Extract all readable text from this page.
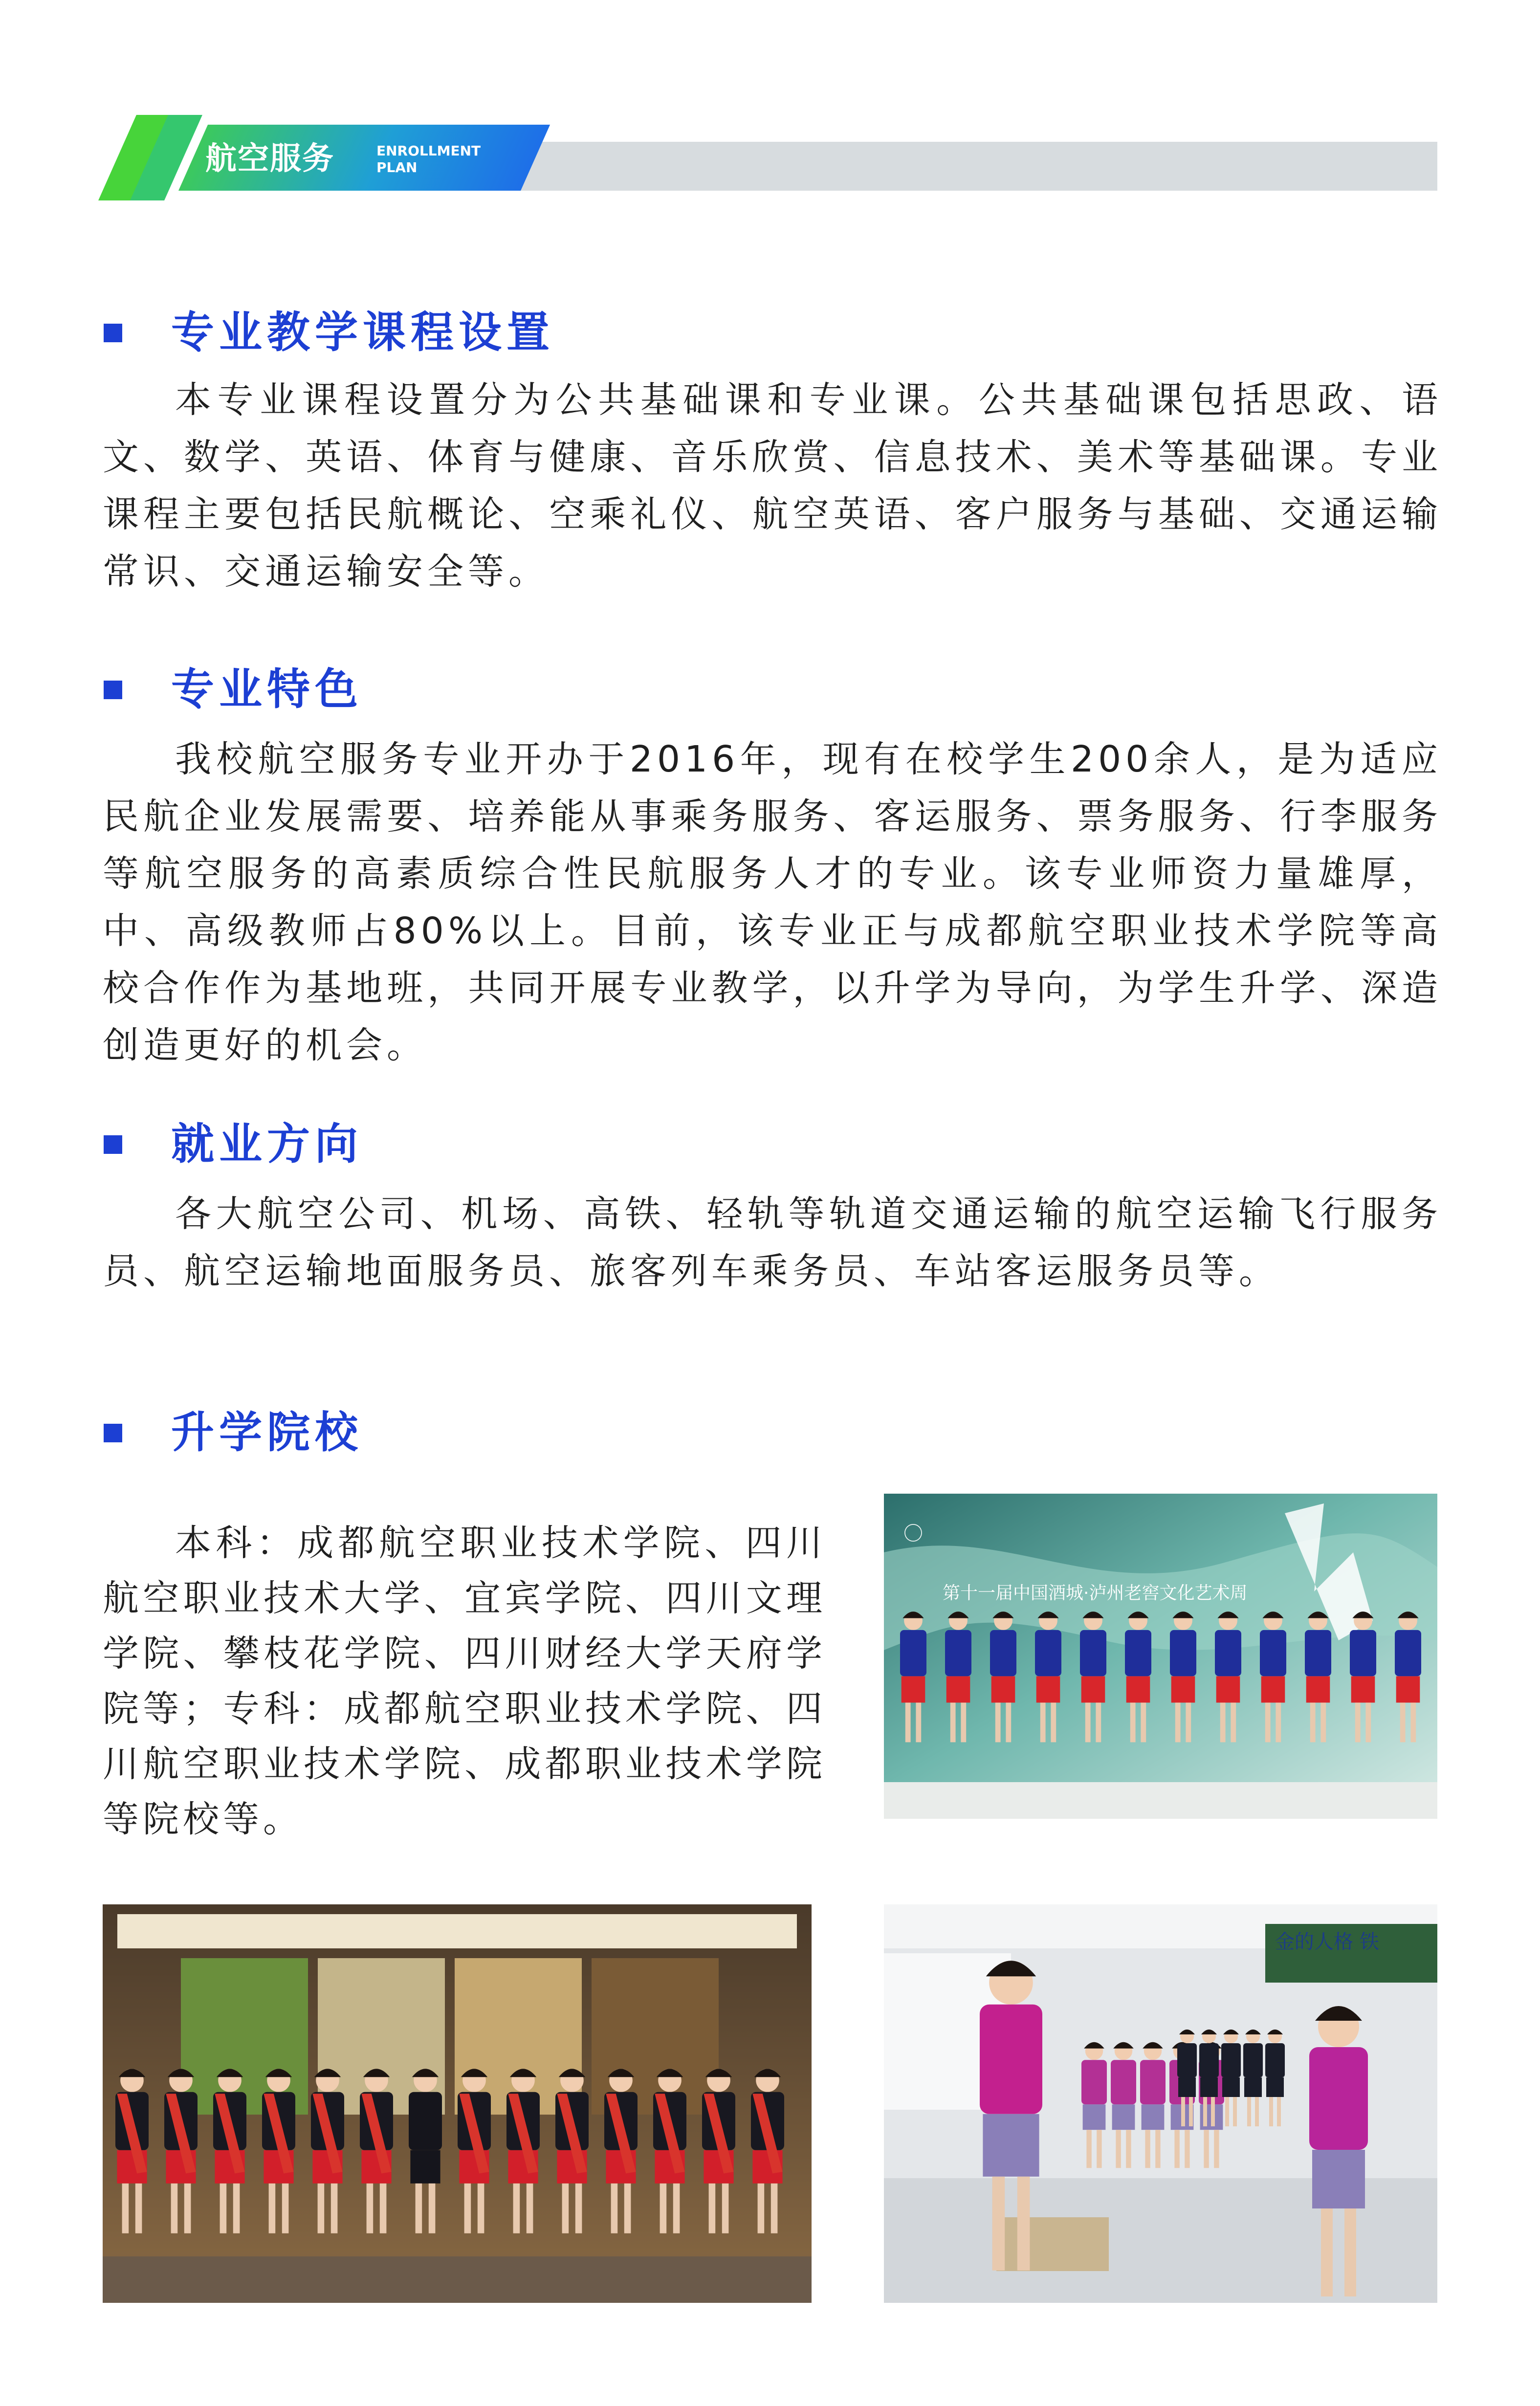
航空服务	ENROLLMENT
PLAN
专业教学课程设置

本专业课程设置分为公共基础课和专业课。公共基础课包括思政、语文、数学、英语、体育与健康、音乐欣赏、信息技术、美术等基础课。专业课程主要包括民航概论、空乘礼仪、航空英语、客户服务与基础、交通运输常识、交通运输安全等。

专业特色

我校航空服务专业开办于2016年，现有在校学生200余人，是为适应民航企业发展需要、培养能从事乘务服务、客运服务、票务服务、行李服务等航空服务的高素质综合性民航服务人才的专业。该专业师资力量雄厚，中、高级教师占80%以上。目前，该专业正与成都航空职业技术学院等高校合作作为基地班，共同开展专业教学，以升学为导向，为学生升学、深造创造更好的机会。

就业方向

各大航空公司、机场、高铁、轻轨等轨道交通运输的航空运输飞行服务员、航空运输地面服务员、旅客列车乘务员、车站客运服务员等。

升学院校

本科：成都航空职业技术学院、四川航空职业技术大学、宜宾学院、四川文理学院、攀枝花学院、四川财经大学天府学院等；专科：成都航空职业技术学院、四川航空职业技术学院、成都职业技术学院等院校等。

〇
第十一届中国酒城·泸州老窖文化艺术周
金的人格 铁
